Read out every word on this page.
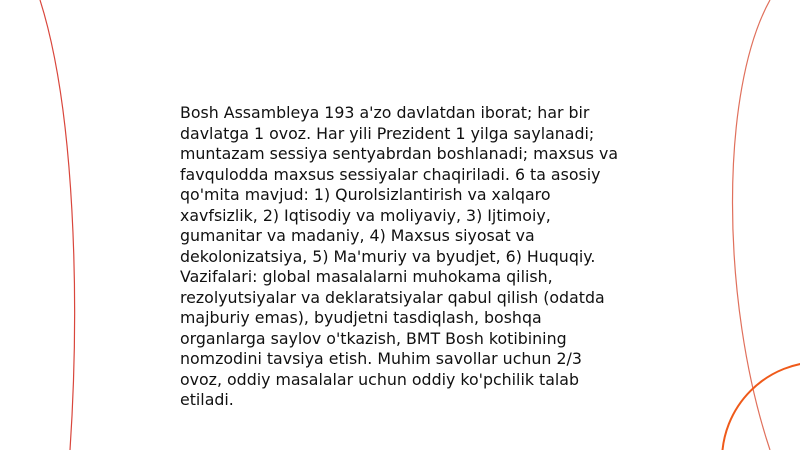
Bosh Assambleya 193 a'zo davlatdan iborat; har bir davlatga 1 ovoz. Har yili Prezident 1 yilga saylanadi; muntazam sessiya sentyabrdan boshlanadi; maxsus va favqulodda maxsus sessiyalar chaqiriladi. 6 ta asosiy qo'mita mavjud: 1) Qurolsizlantirish va xalqaro xavfsizlik, 2) Iqtisodiy va moliyaviy, 3) Ijtimoiy, gumanitar va madaniy, 4) Maxsus siyosat va dekolonizatsiya, 5) Ma'muriy va byudjet, 6) Huquqiy. Vazifalari: global masalalarni muhokama qilish, rezolyutsiyalar va deklaratsiyalar qabul qilish (odatda majburiy emas), byudjetni tasdiqlash, boshqa organlarga saylov o'tkazish, BMT Bosh kotibining nomzodini tavsiya etish. Muhim savollar uchun 2/3 ovoz, oddiy masalalar uchun oddiy ko'pchilik talab etiladi.
